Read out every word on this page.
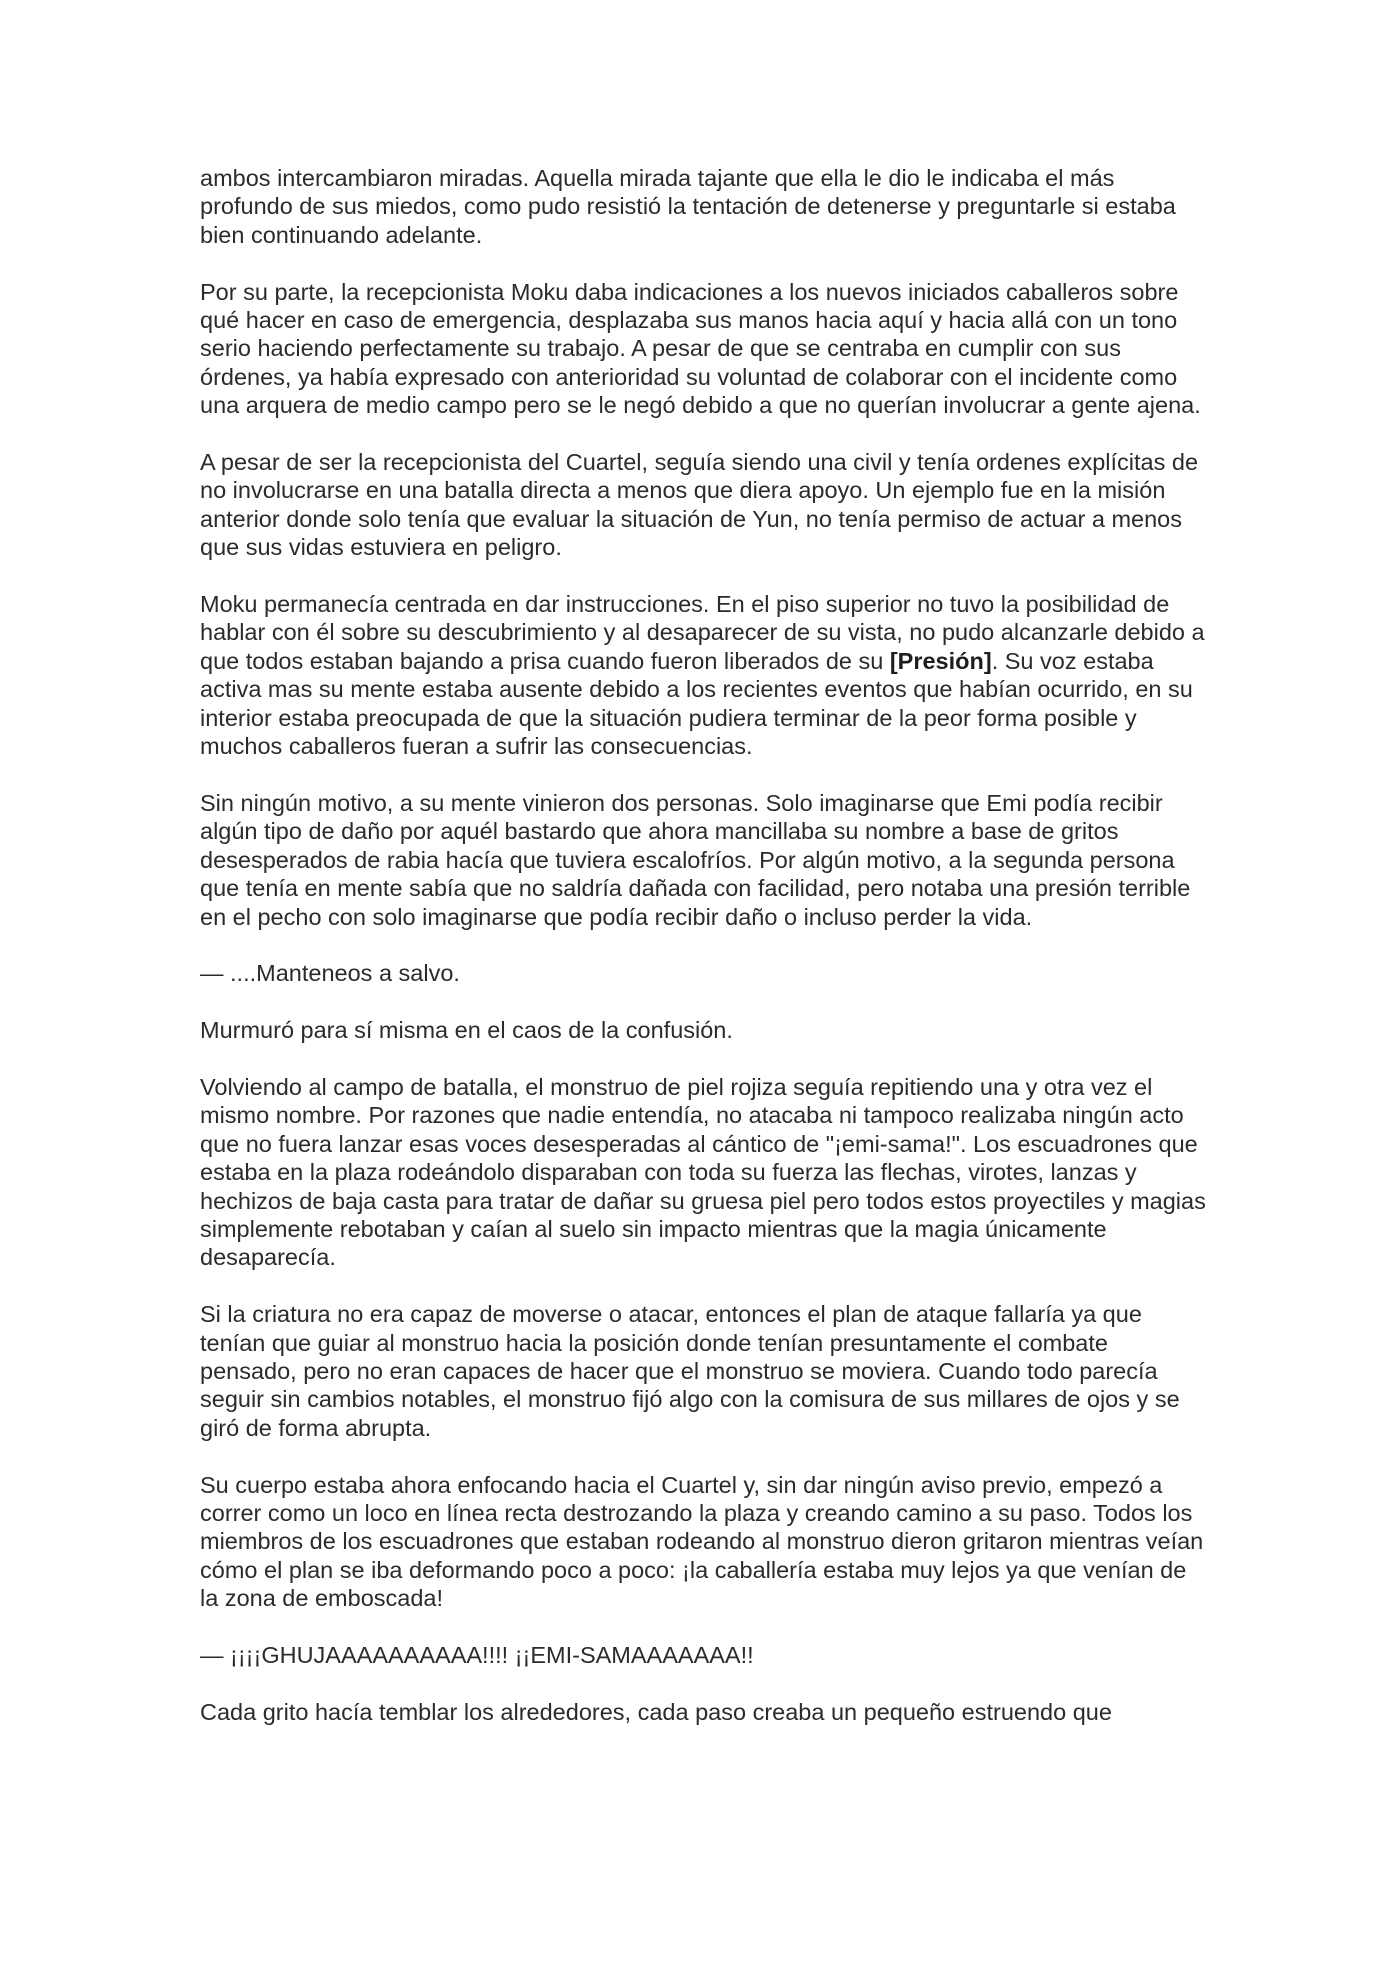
ambos intercambiaron miradas. Aquella mirada tajante que ella le dio le indicaba el más profundo de sus miedos, como pudo resistió la tentación de detenerse y preguntarle si estaba bien continuando adelante.

Por su parte, la recepcionista Moku daba indicaciones a los nuevos iniciados caballeros sobre qué hacer en caso de emergencia, desplazaba sus manos hacia aquí y hacia allá con un tono serio haciendo perfectamente su trabajo. A pesar de que se centraba en cumplir con sus órdenes, ya había expresado con anterioridad su voluntad de colaborar con el incidente como una arquera de medio campo pero se le negó debido a que no querían involucrar a gente ajena.

A pesar de ser la recepcionista del Cuartel, seguía siendo una civil y tenía ordenes explícitas de no involucrarse en una batalla directa a menos que diera apoyo. Un ejemplo fue en la misión anterior donde solo tenía que evaluar la situación de Yun, no tenía permiso de actuar a menos que sus vidas estuviera en peligro.

Moku permanecía centrada en dar instrucciones. En el piso superior no tuvo la posibilidad de hablar con él sobre su descubrimiento y al desaparecer de su vista, no pudo alcanzarle debido a que todos estaban bajando a prisa cuando fueron liberados de su [Presión]. Su voz estaba activa mas su mente estaba ausente debido a los recientes eventos que habían ocurrido, en su interior estaba preocupada de que la situación pudiera terminar de la peor forma posible y muchos caballeros fueran a sufrir las consecuencias.

Sin ningún motivo, a su mente vinieron dos personas. Solo imaginarse que Emi podía recibir algún tipo de daño por aquél bastardo que ahora mancillaba su nombre a base de gritos desesperados de rabia hacía que tuviera escalofríos. Por algún motivo, a la segunda persona que tenía en mente sabía que no saldría dañada con facilidad, pero notaba una presión terrible en el pecho con solo imaginarse que podía recibir daño o incluso perder la vida.

— ....Manteneos a salvo.

Murmuró para sí misma en el caos de la confusión.

Volviendo al campo de batalla, el monstruo de piel rojiza seguía repitiendo una y otra vez el mismo nombre. Por razones que nadie entendía, no atacaba ni tampoco realizaba ningún acto que no fuera lanzar esas voces desesperadas al cántico de "¡emi-sama!". Los escuadrones que estaba en la plaza rodeándolo disparaban con toda su fuerza las flechas, virotes, lanzas y hechizos de baja casta para tratar de dañar su gruesa piel pero todos estos proyectiles y magias simplemente rebotaban y caían al suelo sin impacto mientras que la magia únicamente desaparecía.

Si la criatura no era capaz de moverse o atacar, entonces el plan de ataque fallaría ya que tenían que guiar al monstruo hacia la posición donde tenían presuntamente el combate pensado, pero no eran capaces de hacer que el monstruo se moviera. Cuando todo parecía seguir sin cambios notables, el monstruo fijó algo con la comisura de sus millares de ojos y se giró de forma abrupta.

Su cuerpo estaba ahora enfocando hacia el Cuartel y, sin dar ningún aviso previo, empezó a correr como un loco en línea recta destrozando la plaza y creando camino a su paso. Todos los miembros de los escuadrones que estaban rodeando al monstruo dieron gritaron mientras veían cómo el plan se iba deformando poco a poco: ¡la caballería estaba muy lejos ya que venían de la zona de emboscada!

— ¡¡¡¡GHUJAAAAAAAAAA!!!! ¡¡EMI-SAMAAAAAAA!!

Cada grito hacía temblar los alrededores, cada paso creaba un pequeño estruendo que
